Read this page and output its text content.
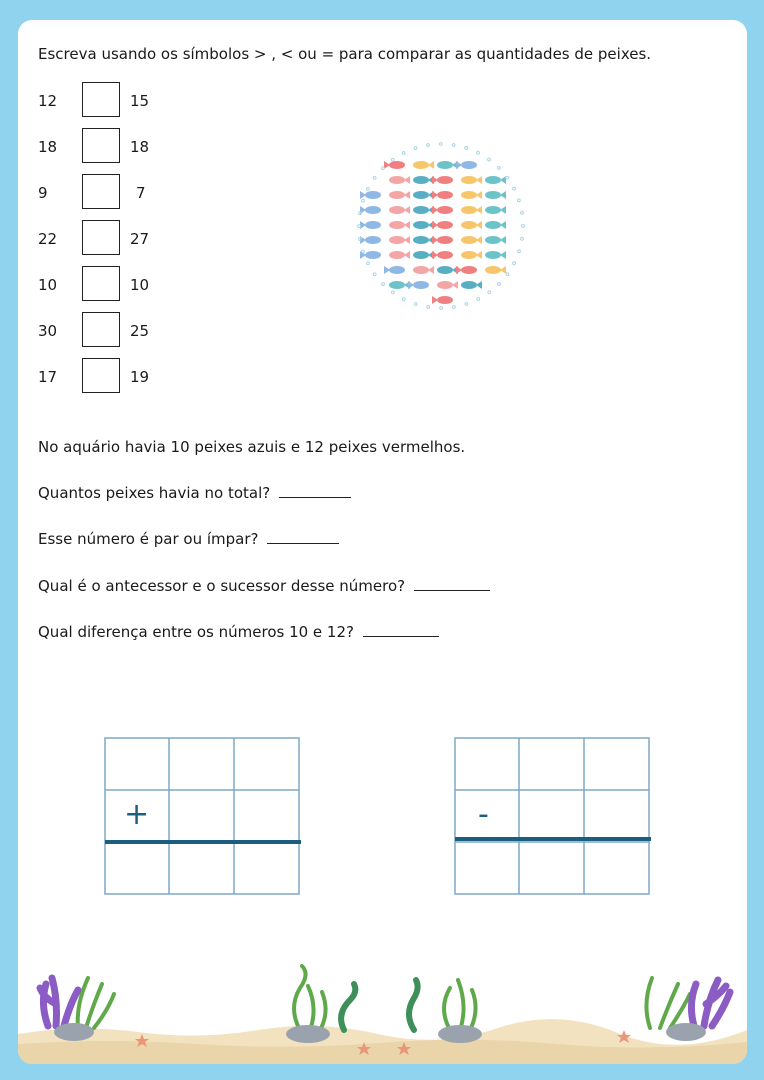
Escreva usando os símbolos > , < ou = para comparar as quantidades de peixes.
12	15
18	18
9	7
22	27
10	10
30	25
17	19
No aquário havia 10 peixes azuis e 12 peixes vermelhos.
Quantos peixes havia no total?
Esse número é par ou ímpar?
Qual é o antecessor e o sucessor desse número?
Qual diferença entre os números 10 e 12?
+	-
